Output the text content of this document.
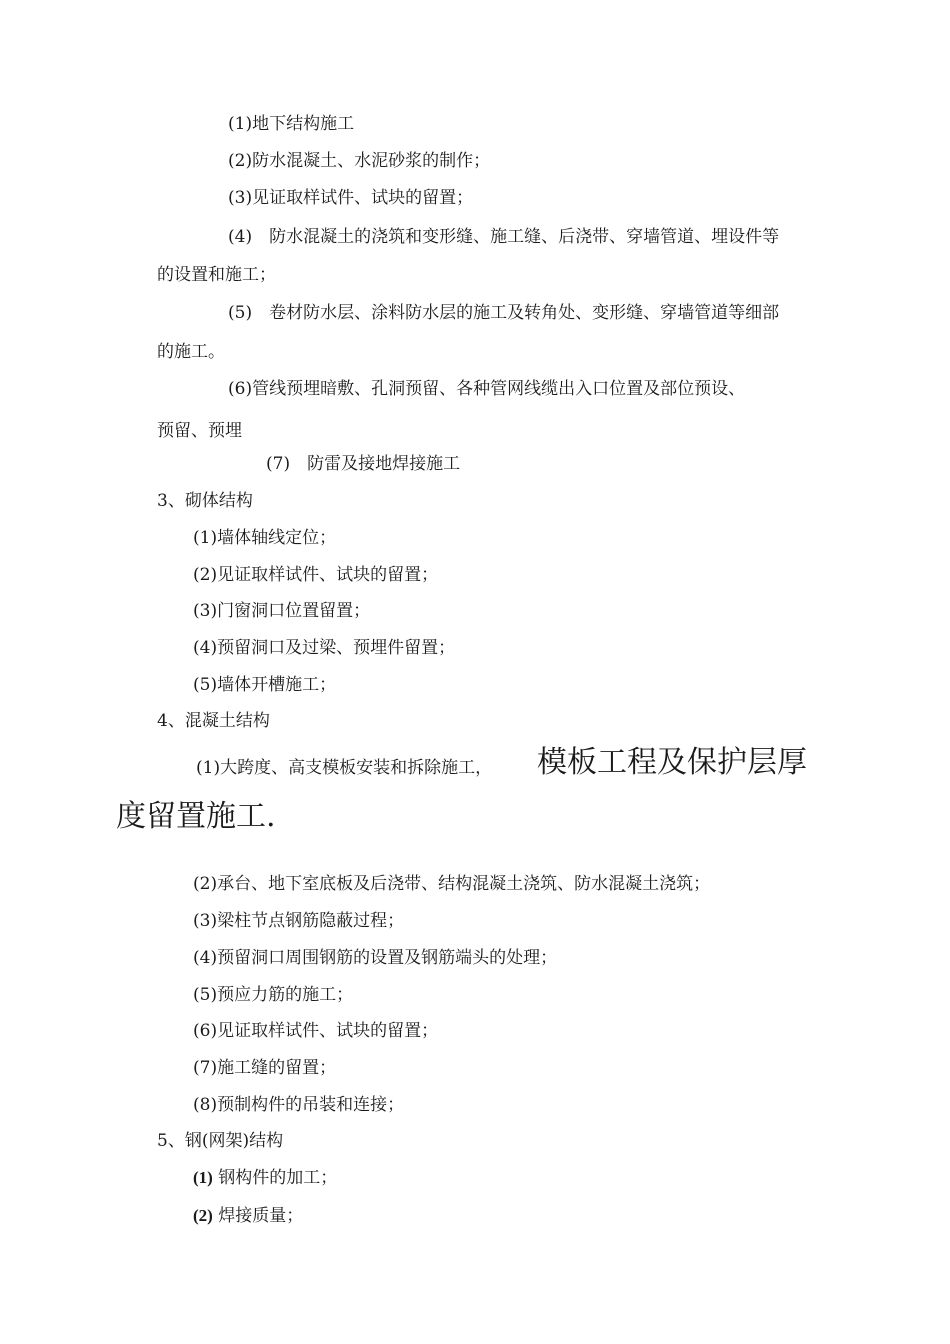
(1)地下结构施工
(2)防水混凝土、水泥砂浆的制作；
(3)见证取样试件、试块的留置；
(4)　防水混凝土的浇筑和变形缝、施工缝、后浇带、穿墙管道、埋设件等
的设置和施工；
(5)　卷材防水层、涂料防水层的施工及转角处、变形缝、穿墙管道等细部
的施工。
(6)管线预埋暗敷、孔洞预留、各种管网线缆出入口位置及部位预设、
预留、预埋
(7)　防雷及接地焊接施工
3、砌体结构
(1)墙体轴线定位；
(2)见证取样试件、试块的留置；
(3)门窗洞口位置留置；
(4)预留洞口及过梁、预埋件留置；
(5)墙体开槽施工；
4、混凝土结构
(1)大跨度、高支模板安装和拆除施工， 模板工程及保护层厚
度留置施工.
(2)承台、地下室底板及后浇带、结构混凝土浇筑、防水混凝土浇筑；
(3)梁柱节点钢筋隐蔽过程；
(4)预留洞口周围钢筋的设置及钢筋端头的处理；
(5)预应力筋的施工；
(6)见证取样试件、试块的留置；
(7)施工缝的留置；
(8)预制构件的吊装和连接；
5、钢(网架)结构
(1) 钢构件的加工；
(2) 焊接质量；
